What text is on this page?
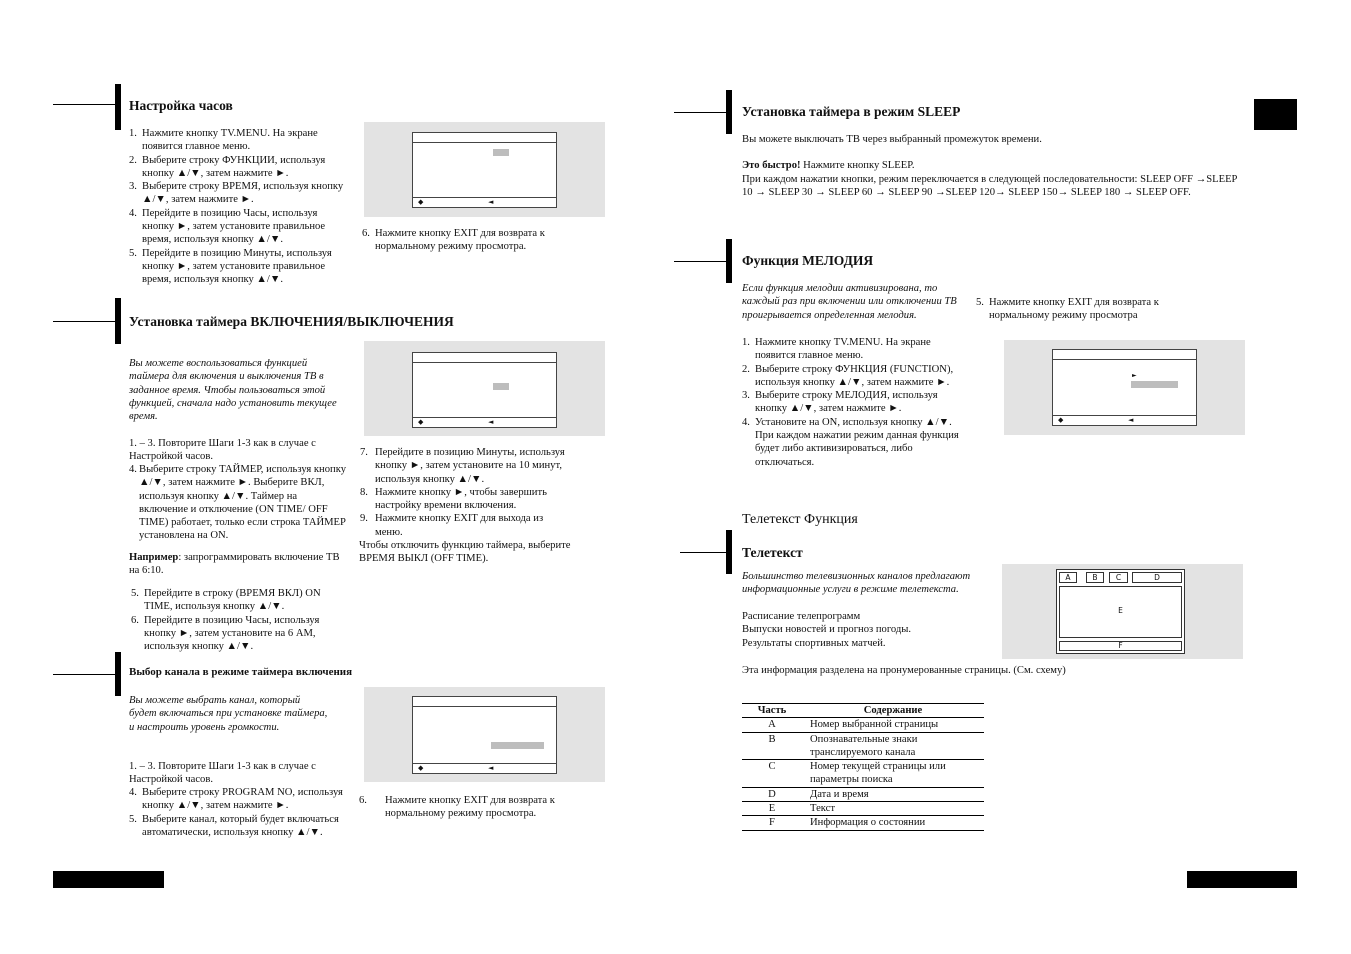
Настройка часов
1. Нажмите кнопку TV.MENU. На экране появится главное меню.
2. Выберите строку ФУНКЦИИ, используя кнопку ▲/▼, затем нажмите ►.
3. Выберите строку ВРЕМЯ, используя кнопку ▲/▼, затем нажмите ►.
4. Перейдите в позицию Часы, используя кнопку ►, затем установите правильное время, используя кнопку ▲/▼.
5. Перейдите в позицию Минуты, используя кнопку ►, затем установите правильное время, используя кнопку ▲/▼.
◆	◄
6. Нажмите кнопку EXIT для возврата к нормальному режиму просмотра.
Установка таймера ВКЛЮЧЕНИЯ/ВЫКЛЮЧЕНИЯ
Вы можете воспользоваться функцией таймера для включения и выключения ТВ в заданное время. Чтобы пользоваться этой функцией, сначала надо установить текущее время.	◆	◄
1. – 3. Повторите Шаги 1-3 как в случае с Настройкой часов.
4. Выберите строку ТАЙМЕР, используя кнопку ▲/▼, затем нажмите ►. Выберите ВКЛ, используя кнопку ▲/▼. Таймер на включение и отключение (ON TIME/ OFF TIME) работает, только если строка ТАЙМЕР установлена на ON.
Например: запрограммировать включение ТВ на 6:10.
5. Перейдите в строку (ВРЕМЯ ВКЛ) ON TIME, используя кнопку ▲/▼.
6. Перейдите в позицию Часы, используя кнопку ►, затем установите на 6 AM, используя кнопку ▲/▼.
7. Перейдите в позицию Минуты, используя кнопку ►, затем установите на 10 минут, используя кнопку ▲/▼.
8. Нажмите кнопку ►, чтобы завершить настройку времени включения.
9. Нажмите кнопку EXIT для выхода из меню.
Чтобы отключить функцию таймера, выберите ВРЕМЯ ВЫКЛ (OFF TIME).
Выбор канала в режиме таймера включения
Вы можете выбрать канал, который будет включаться при установке таймера, и настроить уровень громкости.
◆	◄
1. – 3. Повторите Шаги 1-3 как в случае с Настройкой часов.
4. Выберите строку PROGRAM NO, используя кнопку ▲/▼, затем нажмите ►.
5. Выберите канал, который будет включаться автоматически, используя кнопку ▲/▼.
6. Нажмите кнопку EXIT для возврата к нормальному режиму просмотра.
Установка таймера в режим SLEEP
Вы можете выключать ТВ через выбранный промежуток времени.
Это быстро! Нажмите кнопку SLEEP.
При каждом нажатии кнопки, режим переключается в следующей последовательности: SLEEP OFF →SLEEP 10 → SLEEP 30 → SLEEP 60 → SLEEP 90 →SLEEP 120→ SLEEP 150→ SLEEP 180 → SLEEP OFF.
Функция МЕЛОДИЯ
Если функция мелодии активизирована, то каждый раз при включении или отключении ТВ проигрывается определенная мелодия.
5. Нажмите кнопку EXIT для возврата к нормальному режиму просмотра
1. Нажмите кнопку TV.MENU. На экране появится главное меню.
2. Выберите строку ФУНКЦИЯ (FUNCTION), используя кнопку ▲/▼, затем нажмите ►.
3. Выберите строку МЕЛОДИЯ, используя кнопку ▲/▼, затем нажмите ►.
4. Установите на ON, используя кнопку ▲/▼. При каждом нажатии режим данная функция будет либо активизироваться, либо отключаться.
►
◆	◄
Телетекст Функция
Телетекст
Большинство телевизионных каналов предлагают информационные услуги в режиме телетекста.
Расписание телепрограмм
Выпуски новостей и прогноз погоды.
Результаты спортивных матчей.
A	B	C	D
E
F
Эта информация разделена на пронумерованные страницы. (См. схему)
Часть	Содержание
A	Номер выбранной страницы
B	Опознавательные знаки транслируемого канала
C	Номер текущей страницы или параметры поиска
D	Дата и время
E	Текст
F	Информация о состоянии
